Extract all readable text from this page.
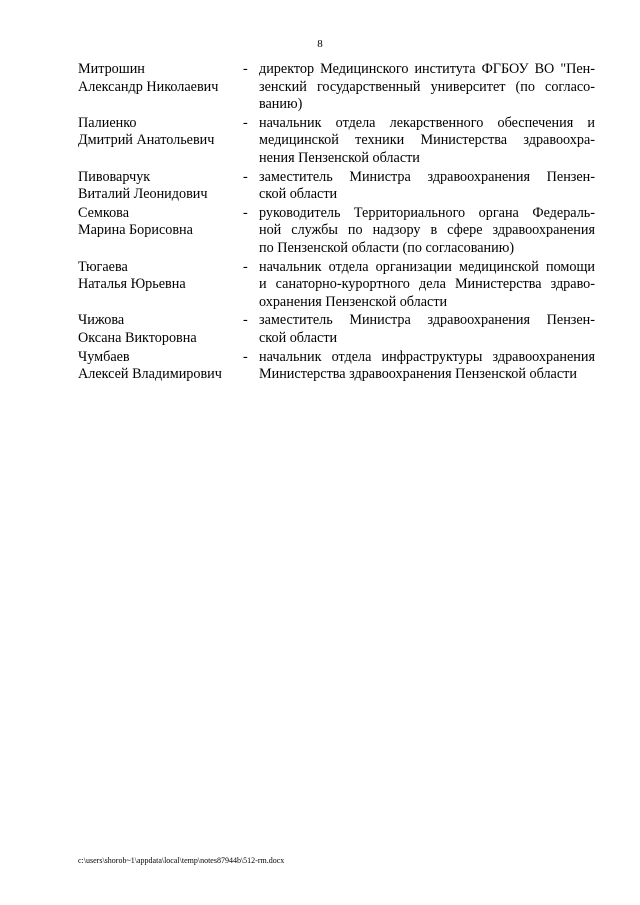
8
Митрошин
Александр Николаевич
- директор Медицинского института ФГБОУ ВО "Пен-
зенский государственный университет (по согласо-
ванию)
Палиенко
Дмитрий Анатольевич
- начальник отдела лекарственного обеспечения и
медицинской техники Министерства здравоохра-
нения Пензенской области
Пивоварчук
Виталий Леонидович
- заместитель Министра здравоохранения Пензен-
ской области
Семкова
Марина Борисовна
- руководитель Территориального органа Федераль-
ной службы по надзору в сфере здравоохранения
по Пензенской области (по согласованию)
Тюгаева
Наталья Юрьевна
- начальник отдела организации медицинской помощи
и санаторно-курортного дела Министерства здраво-
охранения Пензенской области
Чижова
Оксана Викторовна
- заместитель Министра здравоохранения Пензен-
ской области
Чумбаев
Алексей Владимирович
- начальник отдела инфраструктуры здравоохранения
Министерства здравоохранения Пензенской области
c:\users\shorob~1\appdata\local\temp\notes87944b\512-rm.docx
